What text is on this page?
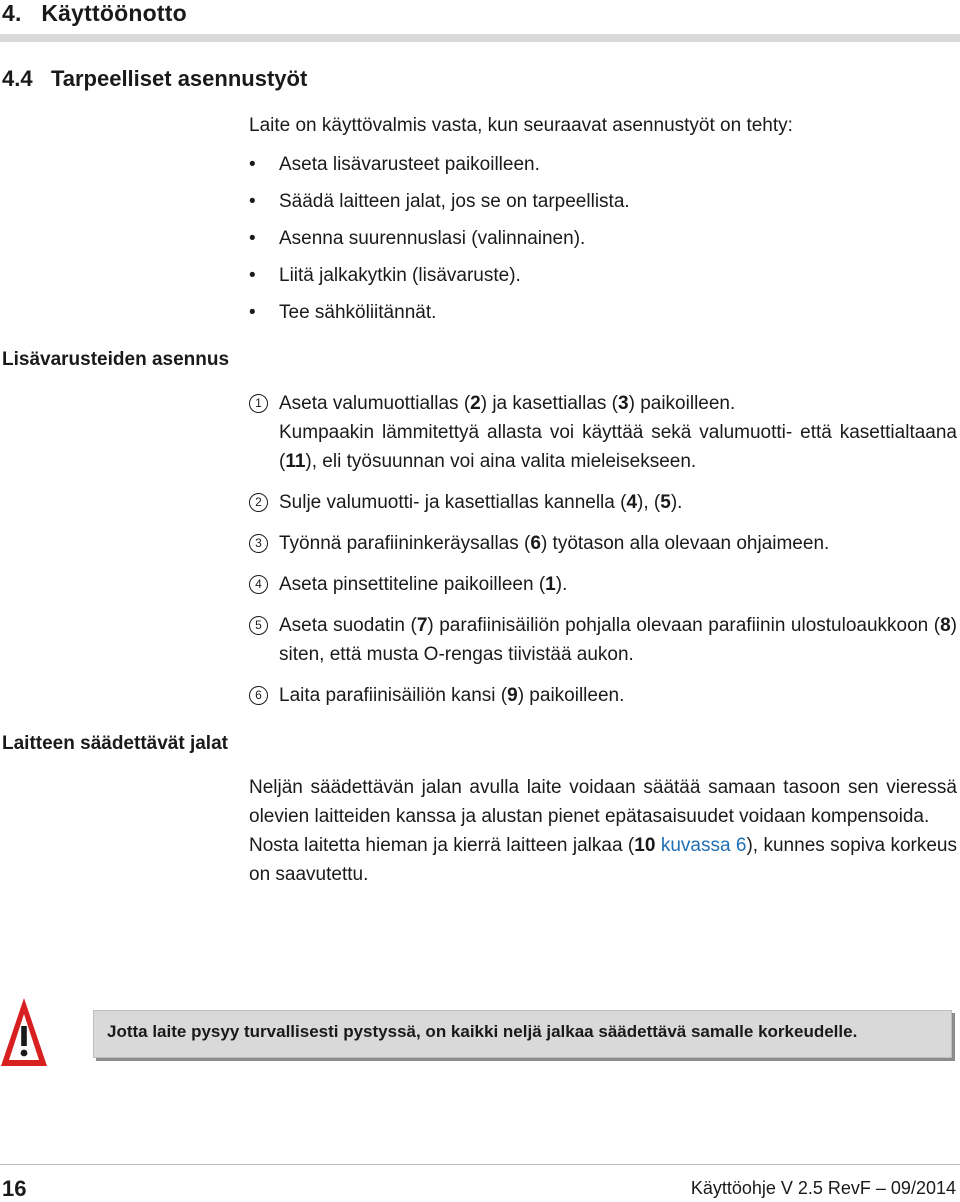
4. Käyttöönotto
4.4 Tarpeelliset asennustyöt
Laite on käyttövalmis vasta, kun seuraavat asennustyöt on tehty:
• Aseta lisävarusteet paikoilleen.
• Säädä laitteen jalat, jos se on tarpeellista.
• Asenna suurennuslasi (valinnainen).
• Liitä jalkakytkin (lisävaruste).
• Tee sähköliitännät.
Lisävarusteiden asennus
1 Aseta valumuottiallas (2) ja kasettiallas (3) paikoilleen.
Kumpaakin lämmitettyä allasta voi käyttää sekä valumuotti- että kasettialtaana (11), eli työsuunnan voi aina valita mieleisekseen.
2 Sulje valumuotti- ja kasettiallas kannella (4), (5).
3 Työnnä parafiininkeräysallas (6) työtason alla olevaan ohjaimeen.
4 Aseta pinsettiteline paikoilleen (1).
5 Aseta suodatin (7) parafiinisäiliön pohjalla olevaan parafiinin ulostuloaukkoon (8) siten, että musta O-rengas tiivistää aukon.
6 Laita parafiinisäiliön kansi (9) paikoilleen.
Laitteen säädettävät jalat

Neljän säädettävän jalan avulla laite voidaan säätää samaan tasoon sen vieressä olevien laitteiden kanssa ja alustan pienet epätasaisuudet voidaan kompensoida.

Nosta laitetta hieman ja kierrä laitteen jalkaa (10 kuvassa 6), kunnes sopiva korkeus on saavutettu.

Jotta laite pysyy turvallisesti pystyssä, on kaikki neljä jalkaa säädettävä samalle korkeudelle.
16	Käyttöohje V 2.5 RevF – 09/2014
